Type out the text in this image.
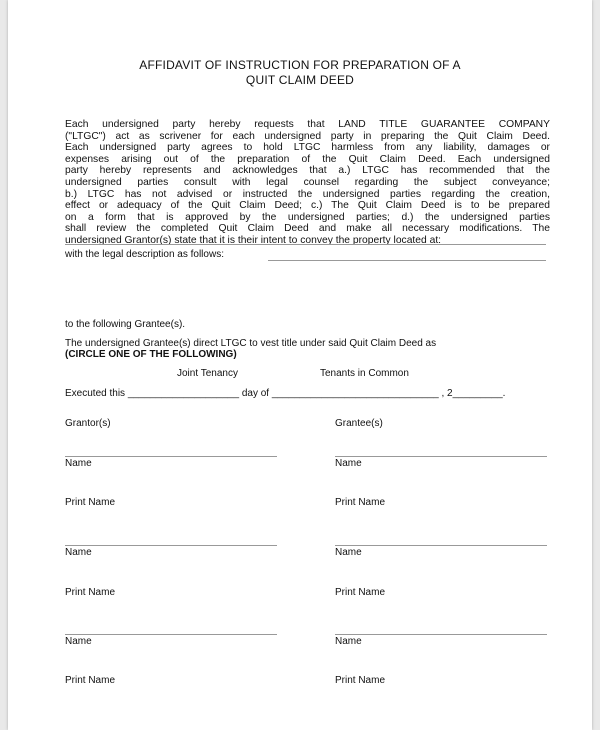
AFFIDAVIT OF INSTRUCTION FOR PREPARATION OF A
QUIT CLAIM DEED
Each undersigned party hereby requests that LAND TITLE GUARANTEE COMPANY
("LTGC") act as scrivener for each undersigned party in preparing the Quit Claim Deed.
Each undersigned party agrees to hold LTGC harmless from any liability, damages or
expenses arising out of the preparation of the Quit Claim Deed. Each undersigned
party hereby represents and acknowledges that a.) LTGC has recommended that the
undersigned parties consult with legal counsel regarding the subject conveyance;
b.) LTGC has not advised or instructed the undersigned parties regarding the creation,
effect or adequacy of the Quit Claim Deed; c.) The Quit Claim Deed is to be prepared
on a form that is approved by the undersigned parties; d.) the undersigned parties
shall review the completed Quit Claim Deed and make all necessary modifications. The
undersigned Grantor(s) state that it is their intent to convey the property located at:
with the legal description as follows:
to the following Grantee(s).
The undersigned Grantee(s) direct LTGC to vest title under said Quit Claim Deed as
(CIRCLE ONE OF THE FOLLOWING)
Joint Tenancy	Tenants in Common
Executed this ____________________ day of ______________________________ , 2_________.
Grantor(s)	Grantee(s)
Name	Name
Print Name	Print Name
Name	Name
Print Name	Print Name
Name	Name
Print Name	Print Name
